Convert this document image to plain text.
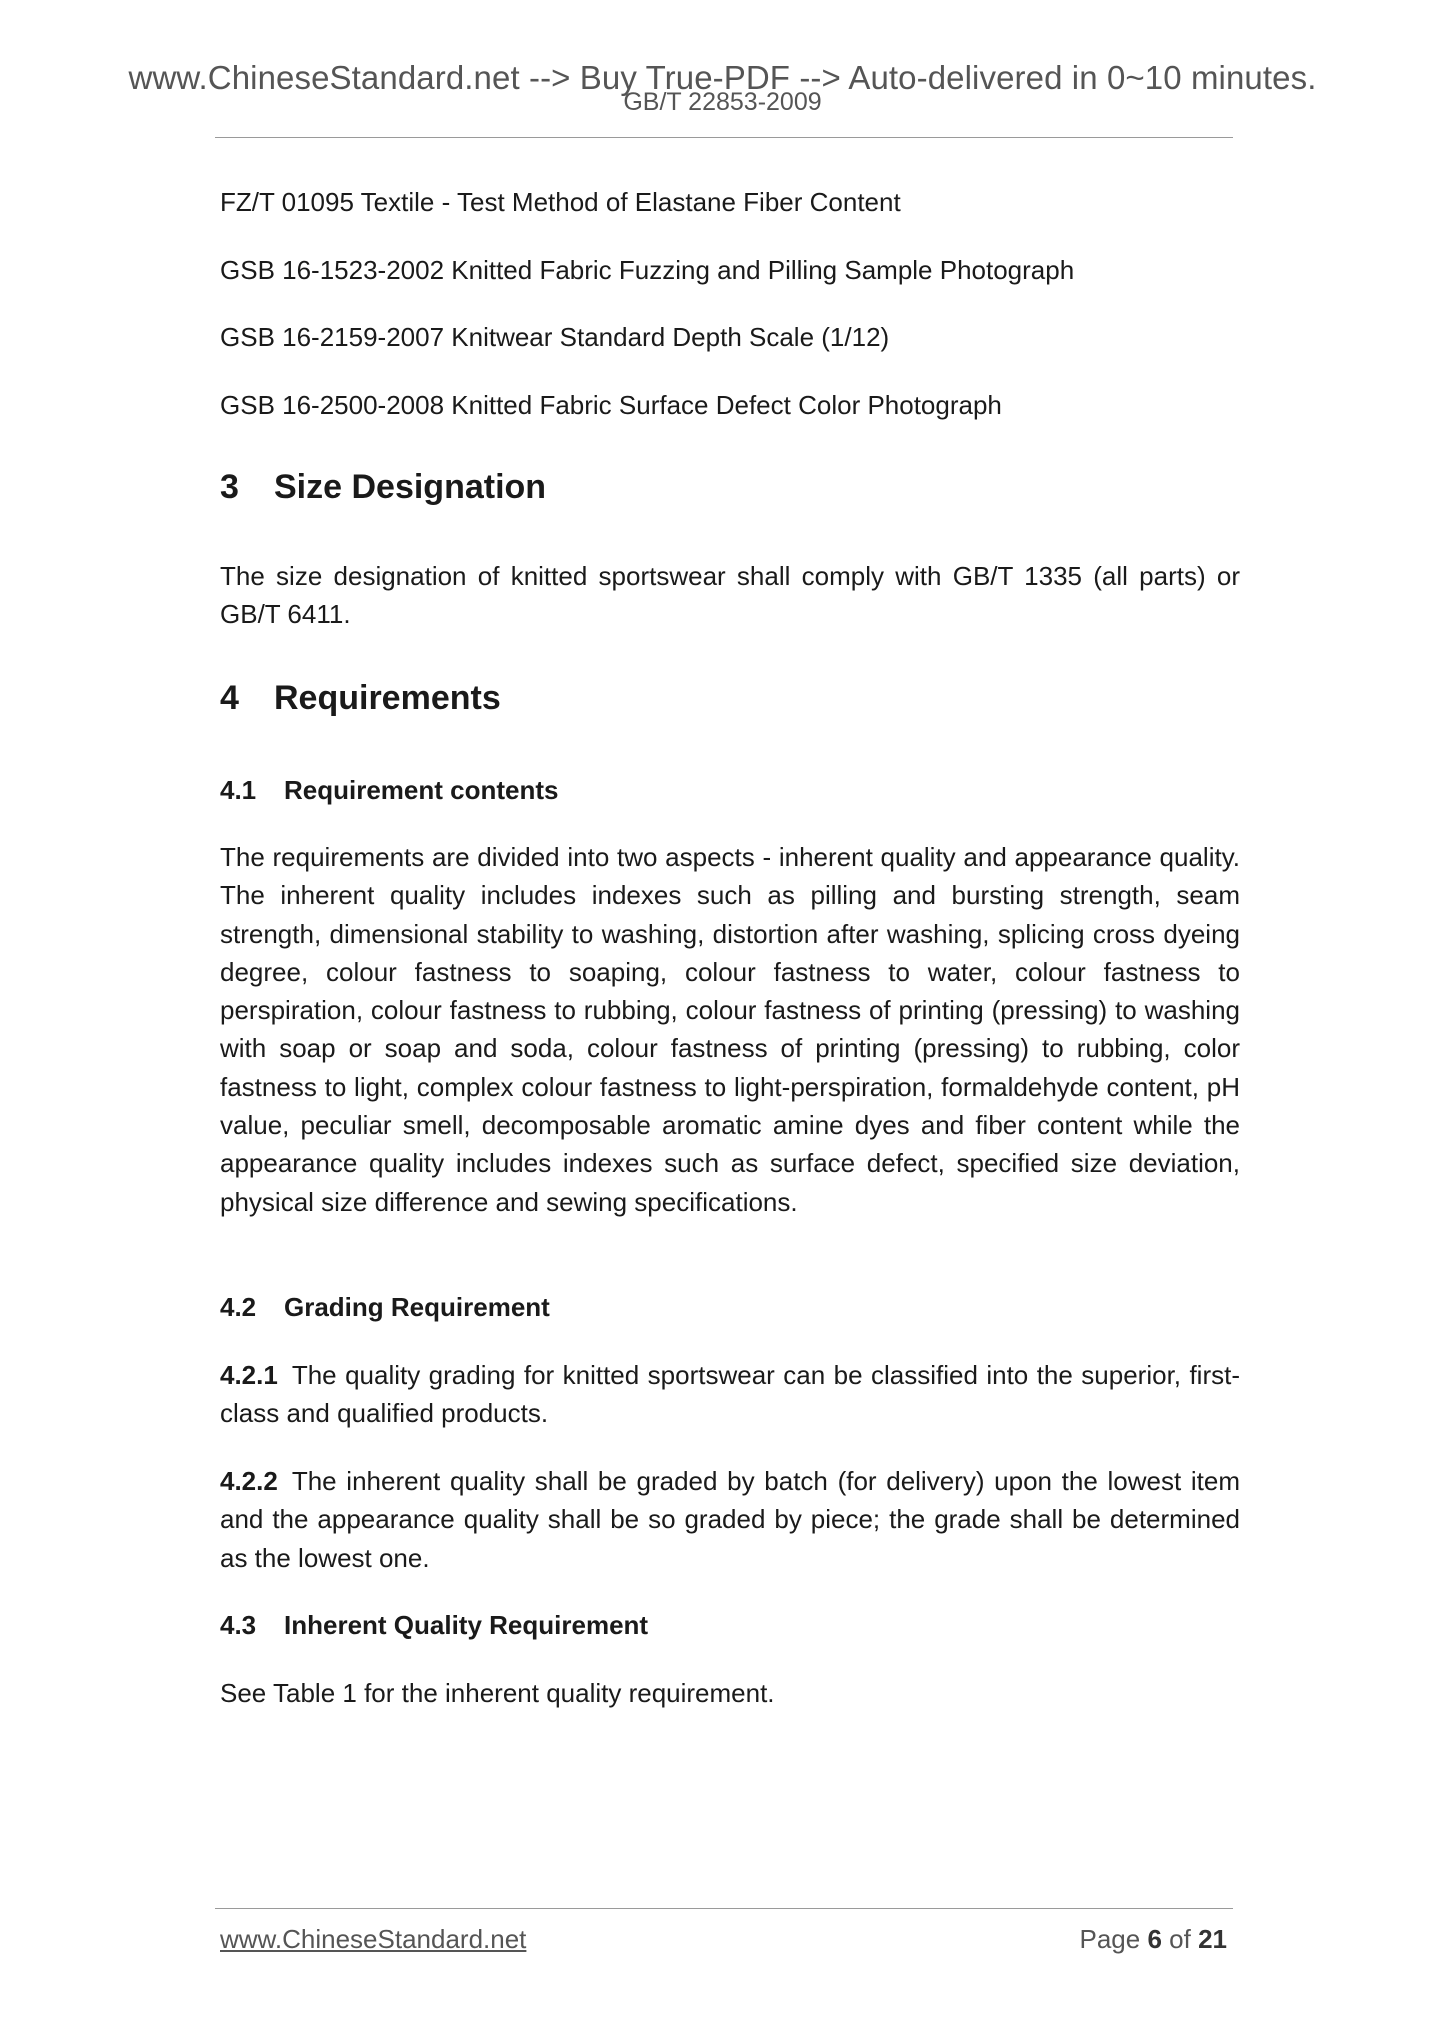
www.ChineseStandard.net --> Buy True-PDF --> Auto-delivered in 0~10 minutes.
GB/T 22853-2009
FZ/T 01095 Textile - Test Method of Elastane Fiber Content
GSB 16-1523-2002 Knitted Fabric Fuzzing and Pilling Sample Photograph
GSB 16-2159-2007 Knitwear Standard Depth Scale (1/12)
GSB 16-2500-2008 Knitted Fabric Surface Defect Color Photograph
3 Size Designation
The size designation of knitted sportswear shall comply with GB/T 1335 (all parts) or GB/T 6411.
4 Requirements
4.1 Requirement contents
The requirements are divided into two aspects - inherent quality and appearance quality. The inherent quality includes indexes such as pilling and bursting strength, seam strength, dimensional stability to washing, distortion after washing, splicing cross dyeing degree, colour fastness to soaping, colour fastness to water, colour fastness to perspiration, colour fastness to rubbing, colour fastness of printing (pressing) to washing with soap or soap and soda, colour fastness of printing (pressing) to rubbing, color fastness to light, complex colour fastness to light-perspiration, formaldehyde content, pH value, peculiar smell, decomposable aromatic amine dyes and fiber content while the appearance quality includes indexes such as surface defect, specified size deviation, physical size difference and sewing specifications.
4.2 Grading Requirement
4.2.1 The quality grading for knitted sportswear can be classified into the superior, first-class and qualified products.
4.2.2 The inherent quality shall be graded by batch (for delivery) upon the lowest item and the appearance quality shall be so graded by piece; the grade shall be determined as the lowest one.
4.3 Inherent Quality Requirement
See Table 1 for the inherent quality requirement.
www.ChineseStandard.net	Page 6 of 21
